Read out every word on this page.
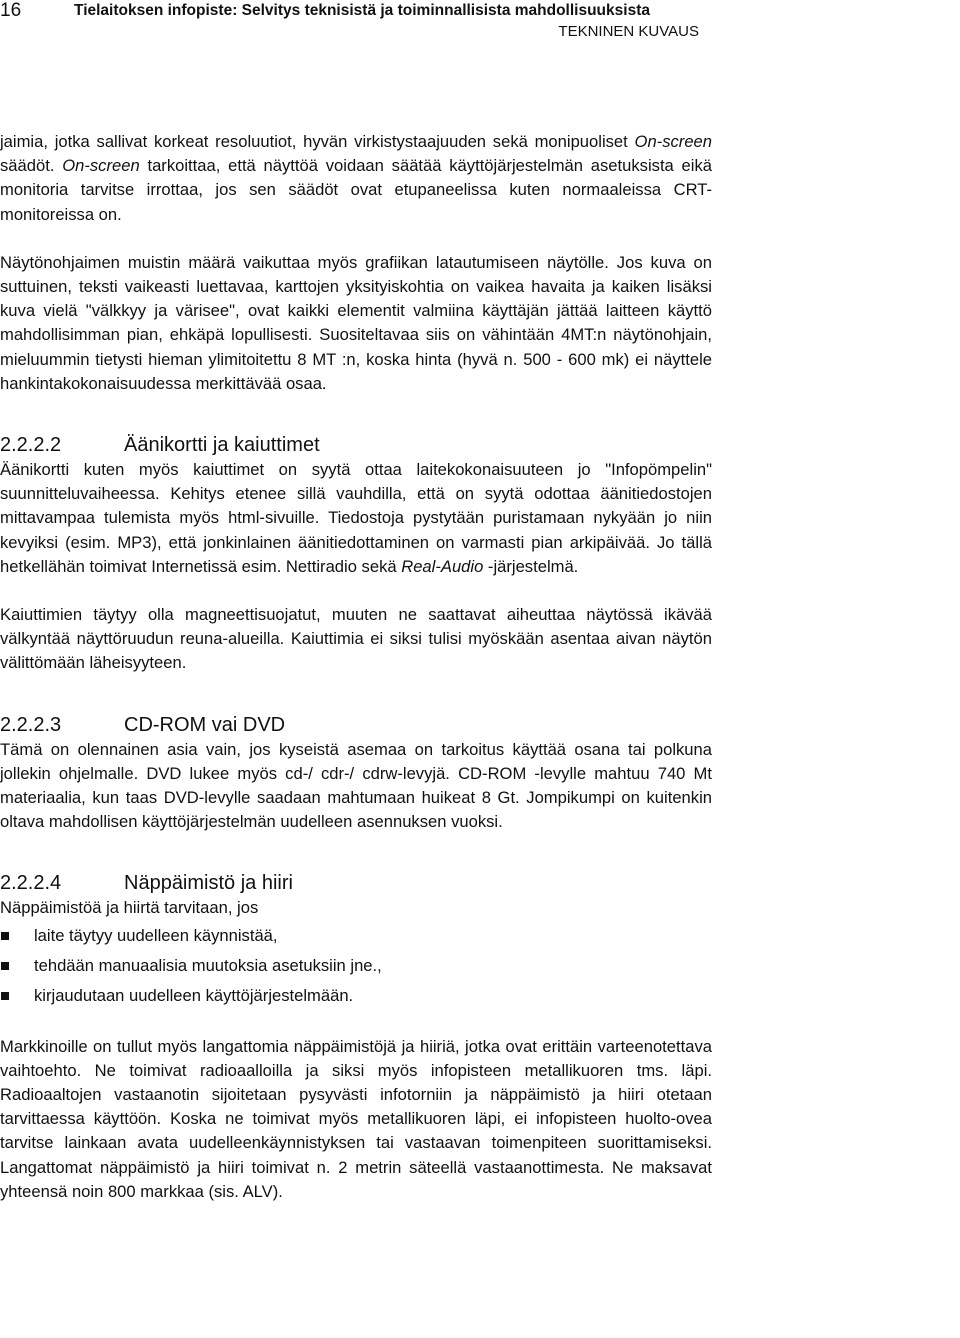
16	Tielaitoksen infopiste: Selvitys teknisistä ja toiminnallisista mahdollisuuksista
TEKNINEN KUVAUS

jaimia, jotka sallivat korkeat resoluutiot, hyvän virkistystaajuuden sekä monipuoliset On-screen säädöt. On-screen tarkoittaa, että näyttöä voidaan säätää käyttöjärjestelmän asetuksista eikä monitoria tarvitse irrottaa, jos sen säädöt ovat etupaneelissa kuten normaaleissa CRT-monitoreissa on.

Näytönohjaimen muistin määrä vaikuttaa myös grafiikan latautumiseen näytölle. Jos kuva on suttuinen, teksti vaikeasti luettavaa, karttojen yksityiskohtia on vaikea havaita ja kaiken lisäksi kuva vielä "välkkyy ja värisee", ovat kaikki elementit valmiina käyttäjän jättää laitteen käyttö mahdollisimman pian, ehkäpä lopullisesti. Suositeltavaa siis on vähintään 4MT:n näytönohjain, mieluummin tietysti hieman ylimitoitettu 8 MT :n, koska hinta (hyvä n. 500 - 600 mk) ei näyttele hankintakokonaisuudessa merkittävää osaa.

2.2.2.2	Äänikortti ja kaiuttimet

Äänikortti kuten myös kaiuttimet on syytä ottaa laitekokonaisuuteen jo "Infopömpelin" suunnitteluvaiheessa. Kehitys etenee sillä vauhdilla, että on syytä odottaa äänitiedostojen mittavampaa tulemista myös html-sivuille. Tiedostoja pystytään puristamaan nykyään jo niin kevyiksi (esim. MP3), että jonkinlainen äänitiedottaminen on varmasti pian arkipäivää. Jo tällä hetkellähän toimivat Internetissä esim. Nettiradio sekä Real-Audio -järjestelmä.

Kaiuttimien täytyy olla magneettisuojatut, muuten ne saattavat aiheuttaa näytössä ikävää välkyntää näyttöruudun reuna-alueilla. Kaiuttimia ei siksi tulisi myöskään asentaa aivan näytön välittömään läheisyyteen.

2.2.2.3	CD-ROM vai DVD

Tämä on olennainen asia vain, jos kyseistä asemaa on tarkoitus käyttää osana tai polkuna jollekin ohjelmalle. DVD lukee myös cd-/ cdr-/ cdrw-levyjä. CD-ROM -levylle mahtuu 740 Mt materiaalia, kun taas DVD-levylle saadaan mahtumaan huikeat 8 Gt. Jompikumpi on kuitenkin oltava mahdollisen käyttöjärjestelmän uudelleen asennuksen vuoksi.

2.2.2.4	Näppäimistö ja hiiri

Näppäimistöä ja hiirtä tarvitaan, jos

laite täytyy uudelleen käynnistää,
tehdään manuaalisia muutoksia asetuksiin jne.,
kirjaudutaan uudelleen käyttöjärjestelmään.

Markkinoille on tullut myös langattomia näppäimistöjä ja hiiriä, jotka ovat erittäin varteenotettava vaihtoehto. Ne toimivat radioaalloilla ja siksi myös infopisteen metallikuoren tms. läpi. Radioaaltojen vastaanotin sijoitetaan pysyvästi infotorniin ja näppäimistö ja hiiri otetaan tarvittaessa käyttöön. Koska ne toimivat myös metallikuoren läpi, ei infopisteen huolto-ovea tarvitse lainkaan avata uudelleenkäynnistyksen tai vastaavan toimenpiteen suorittamiseksi. Langattomat näppäimistö ja hiiri toimivat n. 2 metrin säteellä vastaanottimesta. Ne maksavat yhteensä noin 800 markkaa (sis. ALV).
